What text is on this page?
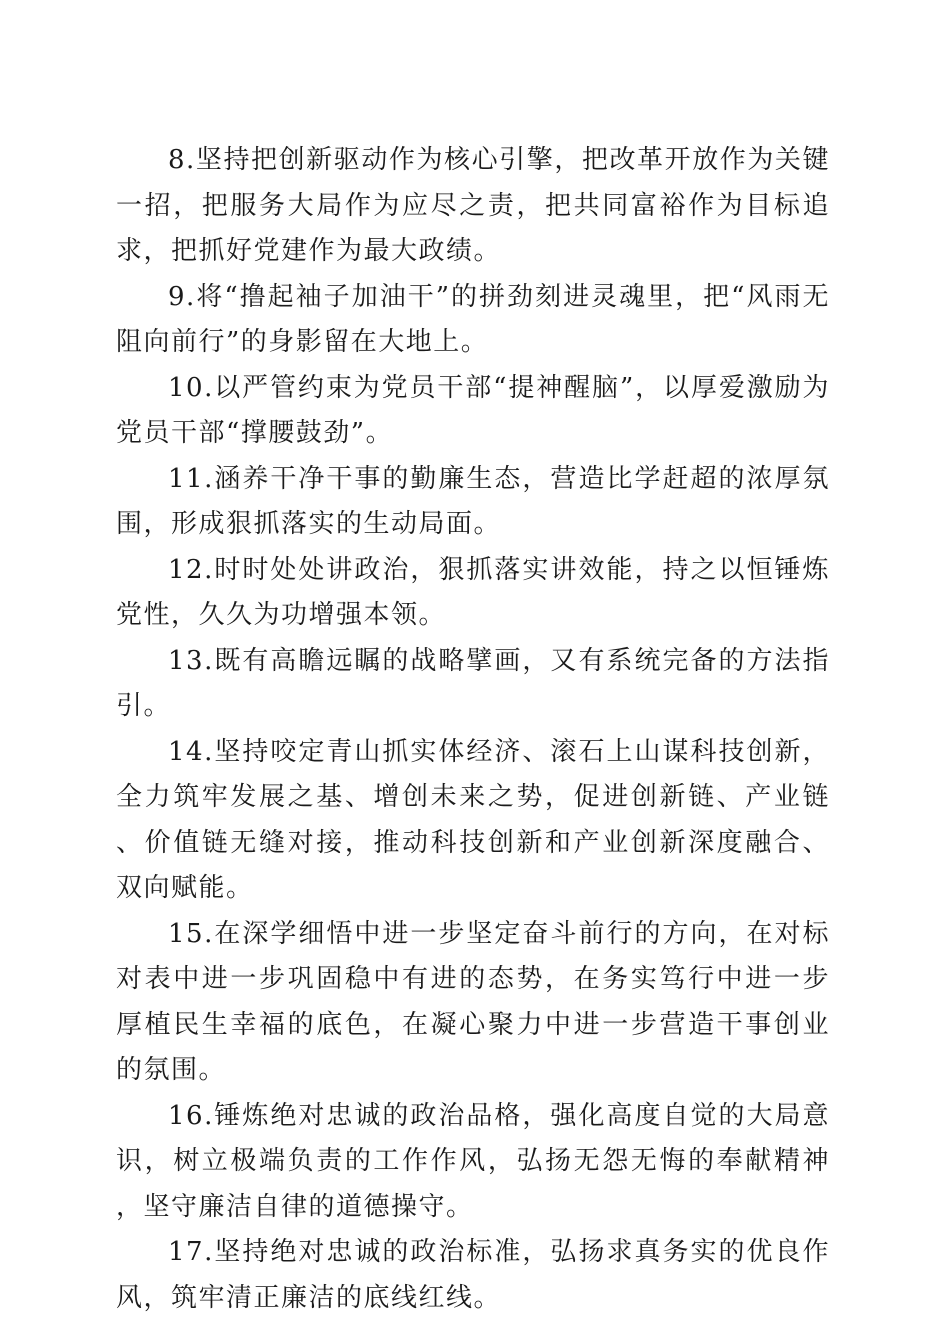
8.坚持把创新驱动作为核心引擎，把改革开放作为关键一招，把服务大局作为应尽之责，把共同富裕作为目标追求，把抓好党建作为最大政绩。

9.将“撸起袖子加油干”的拼劲刻进灵魂里，把“风雨无阻向前行”的身影留在大地上。

10.以严管约束为党员干部“提神醒脑”，以厚爱激励为党员干部“撑腰鼓劲”。

11.涵养干净干事的勤廉生态，营造比学赶超的浓厚氛围，形成狠抓落实的生动局面。

12.时时处处讲政治，狠抓落实讲效能，持之以恒锤炼党性，久久为功增强本领。

13.既有高瞻远瞩的战略擘画，又有系统完备的方法指引。

14.坚持咬定青山抓实体经济、滚石上山谋科技创新，全力筑牢发展之基、增创未来之势，促进创新链、产业链、价值链无缝对接，推动科技创新和产业创新深度融合、双向赋能。

15.在深学细悟中进一步坚定奋斗前行的方向，在对标对表中进一步巩固稳中有进的态势，在务实笃行中进一步厚植民生幸福的底色，在凝心聚力中进一步营造干事创业的氛围。

16.锤炼绝对忠诚的政治品格，强化高度自觉的大局意识，树立极端负责的工作作风，弘扬无怨无悔的奉献精神，坚守廉洁自律的道德操守。

17.坚持绝对忠诚的政治标准，弘扬求真务实的优良作风，筑牢清正廉洁的底线红线。
